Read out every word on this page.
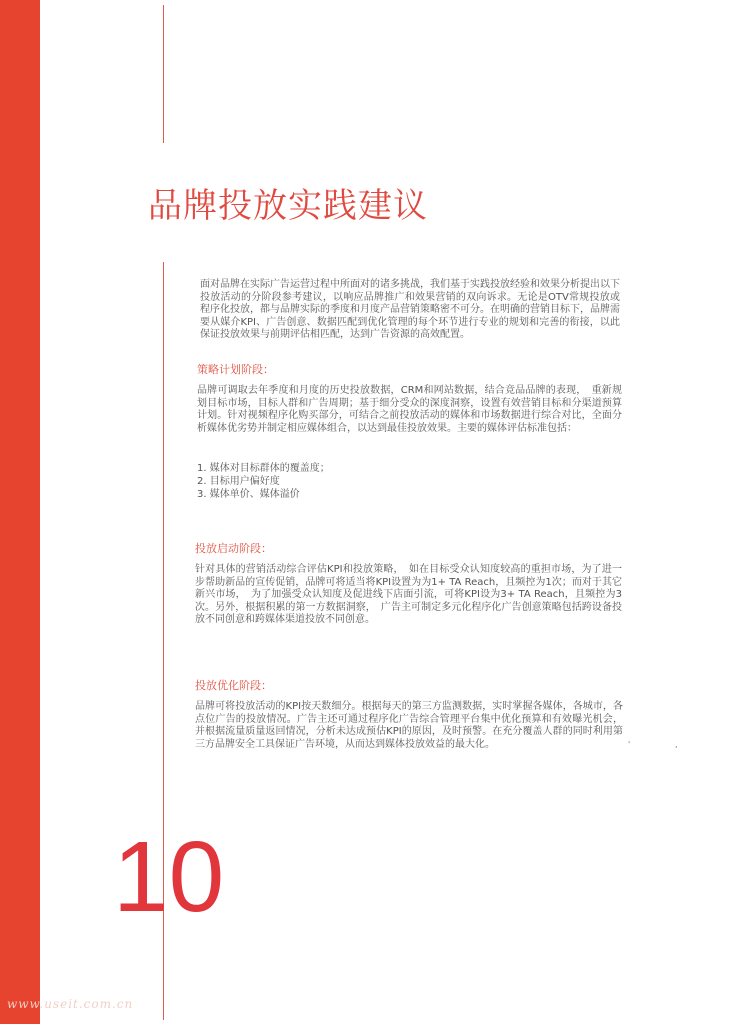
品牌投放实践建议

面对品牌在实际广告运营过程中所面对的诸多挑战，我们基于实践投放经验和效果分析提出以下投放活动的分阶段参考建议，以响应品牌推广和效果营销的双向诉求。无论是OTV常规投放或程序化投放，都与品牌实际的季度和月度产品营销策略密不可分。在明确的营销目标下，品牌需要从媒介KPI、广告创意、数据匹配到优化管理的每个环节进行专业的规划和完善的衔接，以此保证投放效果与前期评估相匹配，达到广告资源的高效配置。

策略计划阶段：

品牌可调取去年季度和月度的历史投放数据，CRM和网站数据，结合竞品品牌的表现，　重新规划目标市场，目标人群和广告周期；基于细分受众的深度洞察，设置有效营销目标和分渠道预算计划。针对视频程序化购买部分，可结合之前投放活动的媒体和市场数据进行综合对比，全面分析媒体优劣势并制定相应媒体组合，以达到最佳投放效果。主要的媒体评估标准包括：

1. 媒体对目标群体的覆盖度；
2. 目标用户偏好度
3. 媒体单价、媒体溢价
投放启动阶段：

针对具体的营销活动综合评估KPI和投放策略，　如在目标受众认知度较高的重担市场，为了进一步帮助新品的宣传促销，品牌可将适当将KPI设置为为1+ TA Reach，且频控为1次；而对于其它新兴市场，　为了加强受众认知度及促进线下店面引流，可将KPI设为3+ TA Reach，且频控为3次。另外，根据积累的第一方数据洞察，　广告主可制定多元化程序化广告创意策略包括跨设备投放不同创意和跨媒体渠道投放不同创意。

投放优化阶段：

品牌可将投放活动的KPI按天数细分。根据每天的第三方监测数据，实时掌握各媒体，各城市，各点位广告的投放情况。广告主还可通过程序化广告综合管理平台集中优化预算和有效曝光机会，并根据流量质量返回情况，分析未达成预估KPI的原因，及时预警。在充分覆盖人群的同时利用第三方品牌安全工具保证广告环境，从而达到媒体投放效益的最大化。	'	,
10
www.useit.com.cn
